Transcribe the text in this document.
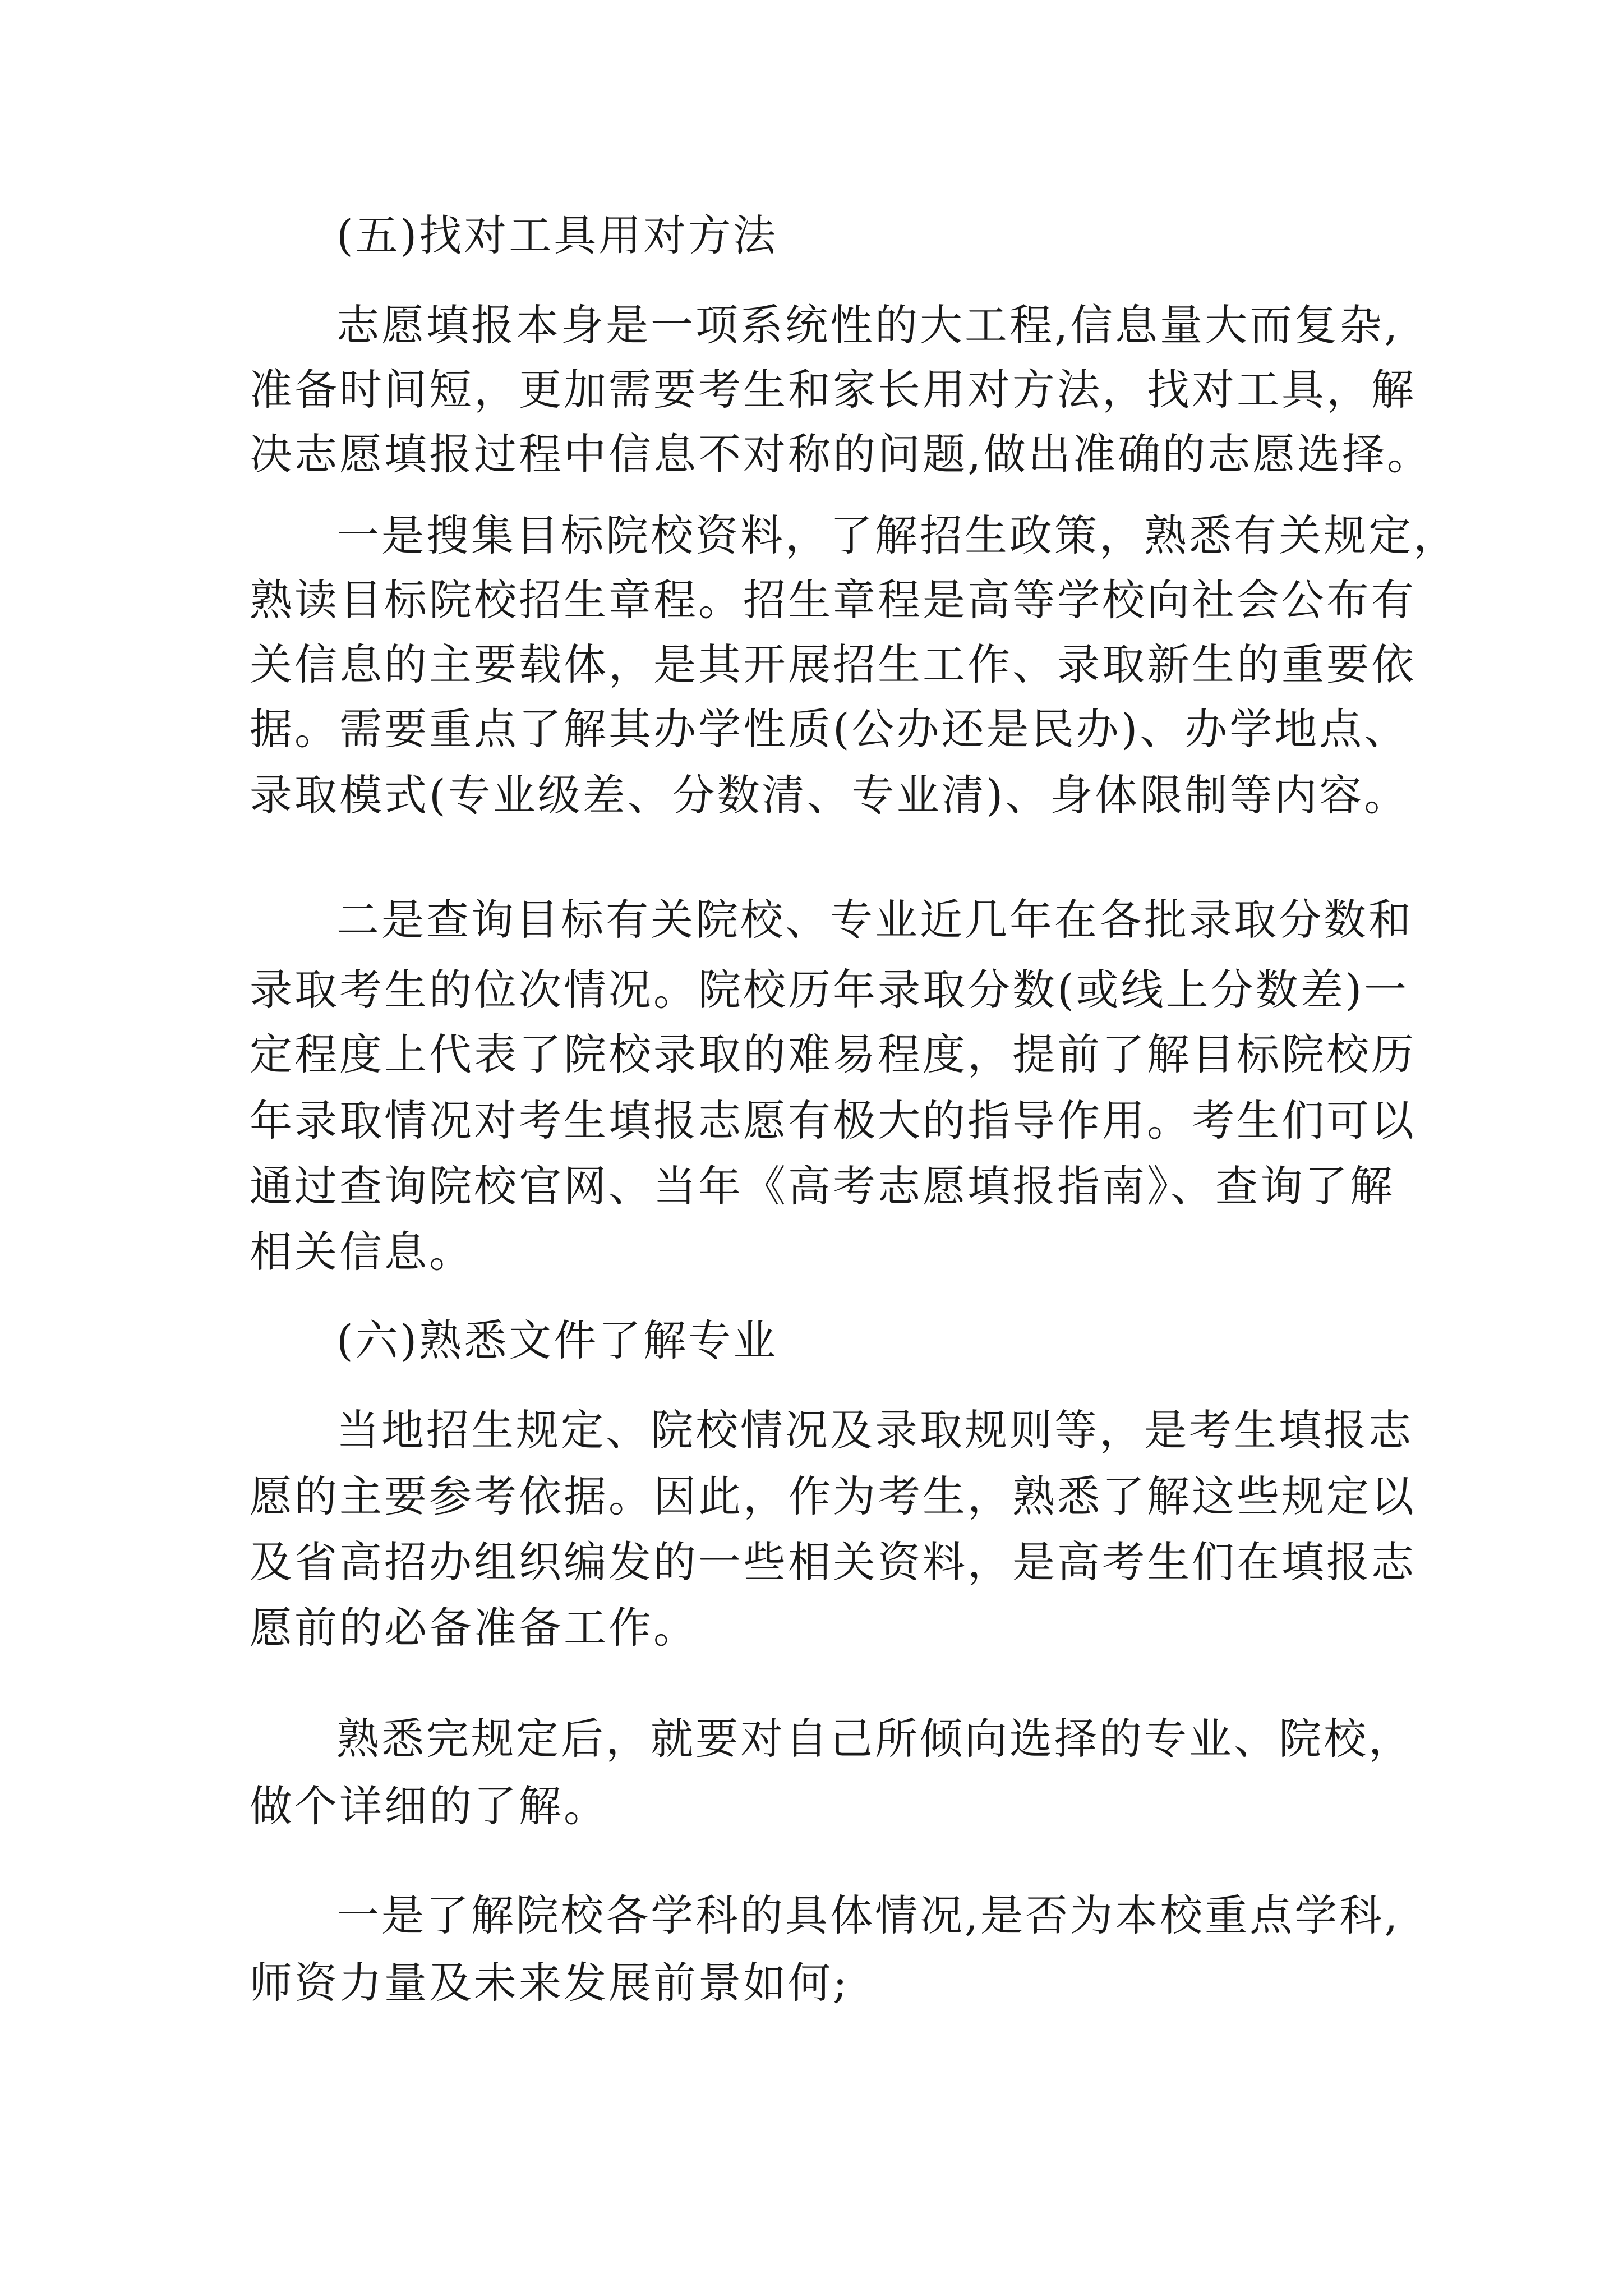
(五)找对工具用对方法

志愿填报本身是一项系统性的大工程,信息量大而复杂,

准备时间短，更加需要考生和家长用对方法，找对工具，解

决志愿填报过程中信息不对称的问题,做出准确的志愿选择。

一是搜集目标院校资料，了解招生政策，熟悉有关规定，

熟读目标院校招生章程。招生章程是高等学校向社会公布有

关信息的主要载体，是其开展招生工作、录取新生的重要依

据。需要重点了解其办学性质(公办还是民办)、办学地点、

录取模式(专业级差、分数清、专业清)、身体限制等内容。

二是查询目标有关院校、专业近几年在各批录取分数和

录取考生的位次情况。院校历年录取分数(或线上分数差)一

定程度上代表了院校录取的难易程度，提前了解目标院校历

年录取情况对考生填报志愿有极大的指导作用。考生们可以

通过查询院校官网、当年《高考志愿填报指南》、查询了解

相关信息。

(六)熟悉文件了解专业

当地招生规定、院校情况及录取规则等，是考生填报志

愿的主要参考依据。因此，作为考生，熟悉了解这些规定以

及省高招办组织编发的一些相关资料，是高考生们在填报志

愿前的必备准备工作。

熟悉完规定后，就要对自己所倾向选择的专业、院校，

做个详细的了解。

一是了解院校各学科的具体情况,是否为本校重点学科,

师资力量及未来发展前景如何;
